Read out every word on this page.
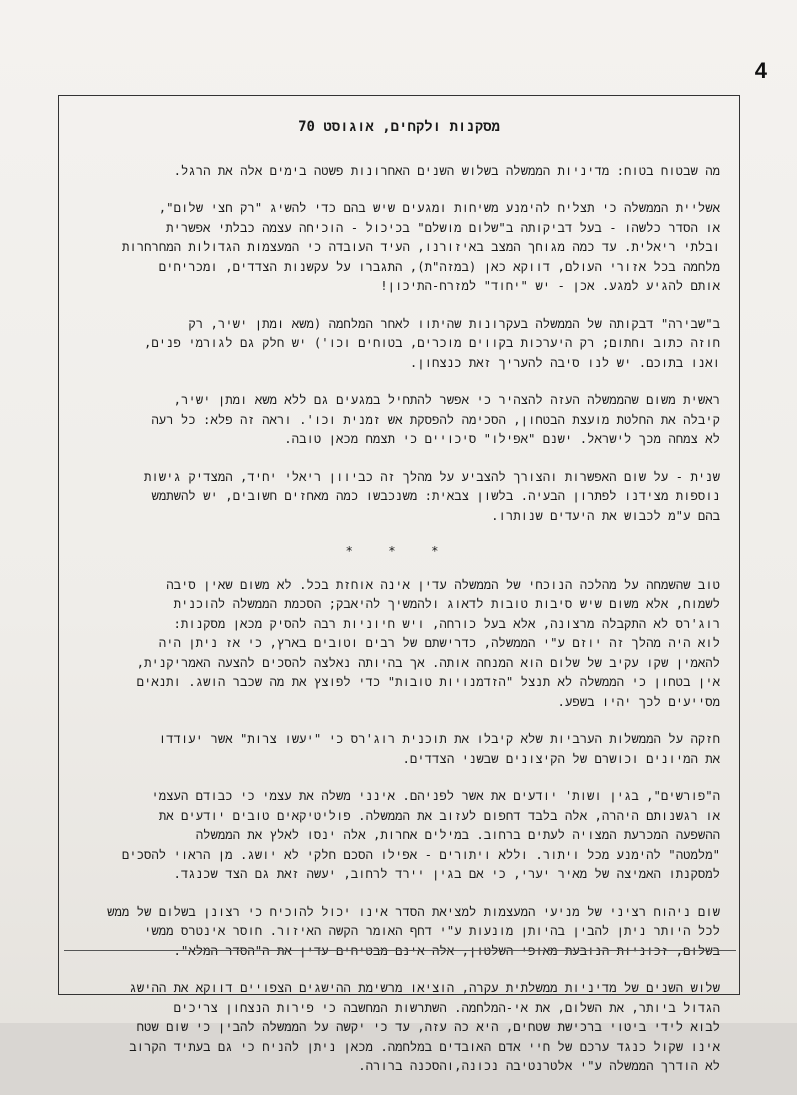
4
מסקנות ולקחים, אוגוסט 70

מה שבטוח בטוח: מדיניות הממשלה בשלוש השנים האחרונות פשטה בימים אלה את הרגל.

אשליית הממשלה כי תצליח להימנע משיחות ומגעים שיש בהם כדי להשיג "רק חצי שלום",
או הסדר כלשהו - בעל דביקותה ב"שלום מושלם" בכיכול - הוכיחה עצמה כבלתי אפשרית
ובלתי ריאלית. עד כמה מגוחך המצב באיזורנו, העיד העובדה כי המעצמות הגדולות המחרחרות
מלחמה בכל אזורי העולם, דווקא כאן (במזה"ת), התגברו על עקשנות הצדדים, ומכריחים
אותם להגיע למגע. אכן - יש "יחוד" למזרח-התיכון!

ב"שבירה" דבקותה של הממשלה בעקרונות שהיתוו לאחר המלחמה (משא ומתן ישיר, רק
חוזה כתוב וחתום; רק היערכות בקווים מוכרים, בטוחים וכו') יש חלק גם לגורמי פנים,
ואנו בתוכם. יש לנו סיבה להעריך זאת כנצחון.

ראשית משום שהממשלה העזה להצהיר כי אפשר להתחיל במגעים גם ללא משא ומתן ישיר,
קיבלה את החלטת מועצת הבטחון, הסכימה להפסקת אש זמנית וכו'. וראה זה פלא: כל רעה
לא צמחה מכך לישראל. ישנם "אפילו" סיכויים כי תצמח מכאן טובה.

שנית - על שום האפשרות והצורך להצביע על מהלך זה כביוון ריאלי יחיד, המצדיק גישות
נוספות מצידנו לפתרון הבעיה. בלשון צבאית: משנכבשו כמה מאחזים חשובים, יש להשתמש
בהם ע"מ לכבוש את היעדים שנותרו.

* * *

טוב שהשמחה על מהלכה הנוכחי של הממשלה עדין אינה אוחזת בכל. לא משום שאין סיבה
לשמוח, אלא משום שיש סיבות טובות לדאוג ולהמשיך להיאבק; הסכמת הממשלה להוכנית
רוג'רס לא התקבלה מרצונה, אלא בעל כורחה, ויש חיוניות רבה להסיק מכאן מסקנות:
לוא היה מהלך זה יוזם ע"י הממשלה, כדרישתם של רבים וטובים בארץ, כי אז ניתן היה
להאמין שקו עקיב של שלום הוא המנחה אותה. אך בהיותה נאלצה להסכים להצעה האמריקנית,
אין בטחון כי הממשלה לא תנצל "הזדמנויות טובות" כדי לפוצץ את מה שכבר הושג. ותנאים
מסייעים לכך יהיו בשפע.

חזקה על הממשלות הערביות שלא קיבלו את תוכנית רוג'רס כי "יעשו צרות" אשר יעודדו
את המיונים וכושרם של הקיצונים שבשני הצדדים.

ה"פורשים", בגין ושות' יודעים את אשר לפניהם. אינני משלה את עצמי כי כבודם העצמי
או רגשנותם היהרה, אלה בלבד דחפום לעזוב את הממשלה. פוליטיקאים טובים יודעים את
ההשפעה המכרעת המצויה לעתים ברחוב. במילים אחרות, אלה ינסו לאלץ את הממשלה
"מלמטה" להימנע מכל ויתור. וללא ויתורים - אפילו הסכם חלקי לא יושג. מן הראוי להסכים
למסקנתו האמיצה של מאיר יערי, כי אם בגין יירד לרחוב, יעשה זאת גם הצד שכנגד.

שום ניהוח רציני של מניעי המעצמות למציאת הסדר אינו יכול להוכיח כי רצונן בשלום של ממש
לכל היותר ניתן להבין בהיותן מונעות ע"י דחף האומר הקשה האיזור. חוסר אינטרס ממשי
בשלום, זכוניות הנובעת מאופי השלטון, אלה אינם מבטיחים עדין את ה"הסדר המלא".

שלוש השנים של מדיניות ממשלתית עקרה, הוציאו מרשימת ההישגים הצפויים דווקא את ההישג
הגדול ביותר, את השלום, את אי-המלחמה. השתרשות המחשבה כי פירות הנצחון צריכים
לבוא לידי ביטוי ברכישת שטחים, היא כה עזה, עד כי יקשה על הממשלה להבין כי שום שטח
אינו שקול כנגד ערכם של חיי אדם האובדים במלחמה. מכאן ניתן להניח כי גם בעתיד הקרוב
לא הודרך הממשלה ע"י אלטרנטיבה נכונה,והסכנה ברורה.
